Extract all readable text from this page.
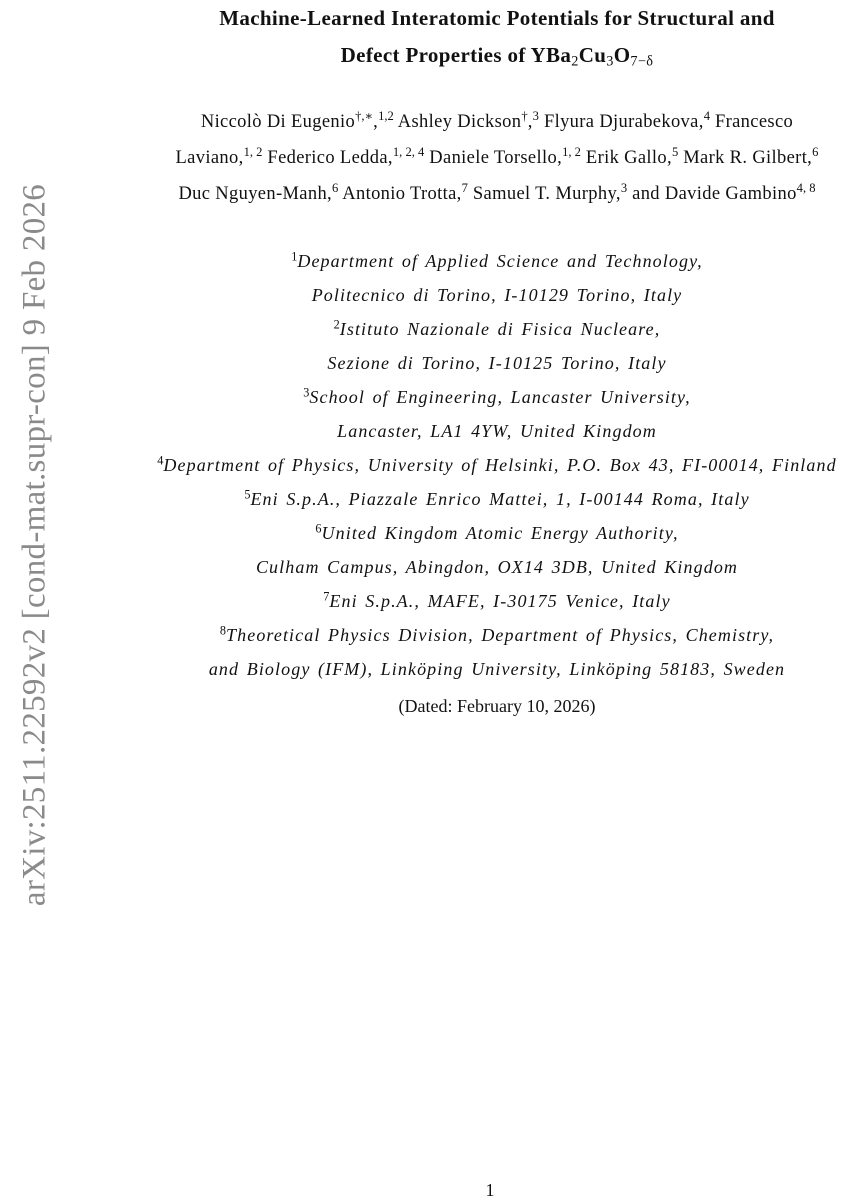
arXiv:2511.22592v2 [cond-mat.supr-con] 9 Feb 2026
Machine-Learned Interatomic Potentials for Structural and
Defect Properties of $YBa_2Cu_3O_{7-\delta}$
Niccolò Di Eugenio†,∗,$^{1,2}$ Ashley Dickson†,$^3$ Flyura Djurabekova,$^4$ Francesco
Laviano,$^{1, 2}$ Federico Ledda,$^{1, 2, 4}$ Daniele Torsello,$^{1, 2}$ Erik Gallo,$^5$ Mark R. Gilbert,$^6$
Duc Nguyen-Manh,$^6$ Antonio Trotta,$^7$ Samuel T. Murphy,$^3$ and Davide Gambino$^{4, 8}$
$^1$Department of Applied Science and Technology,
Politecnico di Torino, I-10129 Torino, Italy
$^2$Istituto Nazionale di Fisica Nucleare,
Sezione di Torino, I-10125 Torino, Italy
$^3$School of Engineering, Lancaster University,
Lancaster, LA1 4YW, United Kingdom
$^4$Department of Physics, University of Helsinki, P.O. Box 43, FI-00014, Finland
$^5$Eni S.p.A., Piazzale Enrico Mattei, 1, I-00144 Roma, Italy
$^6$United Kingdom Atomic Energy Authority,
Culham Campus, Abingdon, OX14 3DB, United Kingdom
$^7$Eni S.p.A., MAFE, I-30175 Venice, Italy
$^8$Theoretical Physics Division, Department of Physics, Chemistry,
and Biology (IFM), Linköping University, Linköping 58183, Sweden
(Dated: February 10, 2026)
1
